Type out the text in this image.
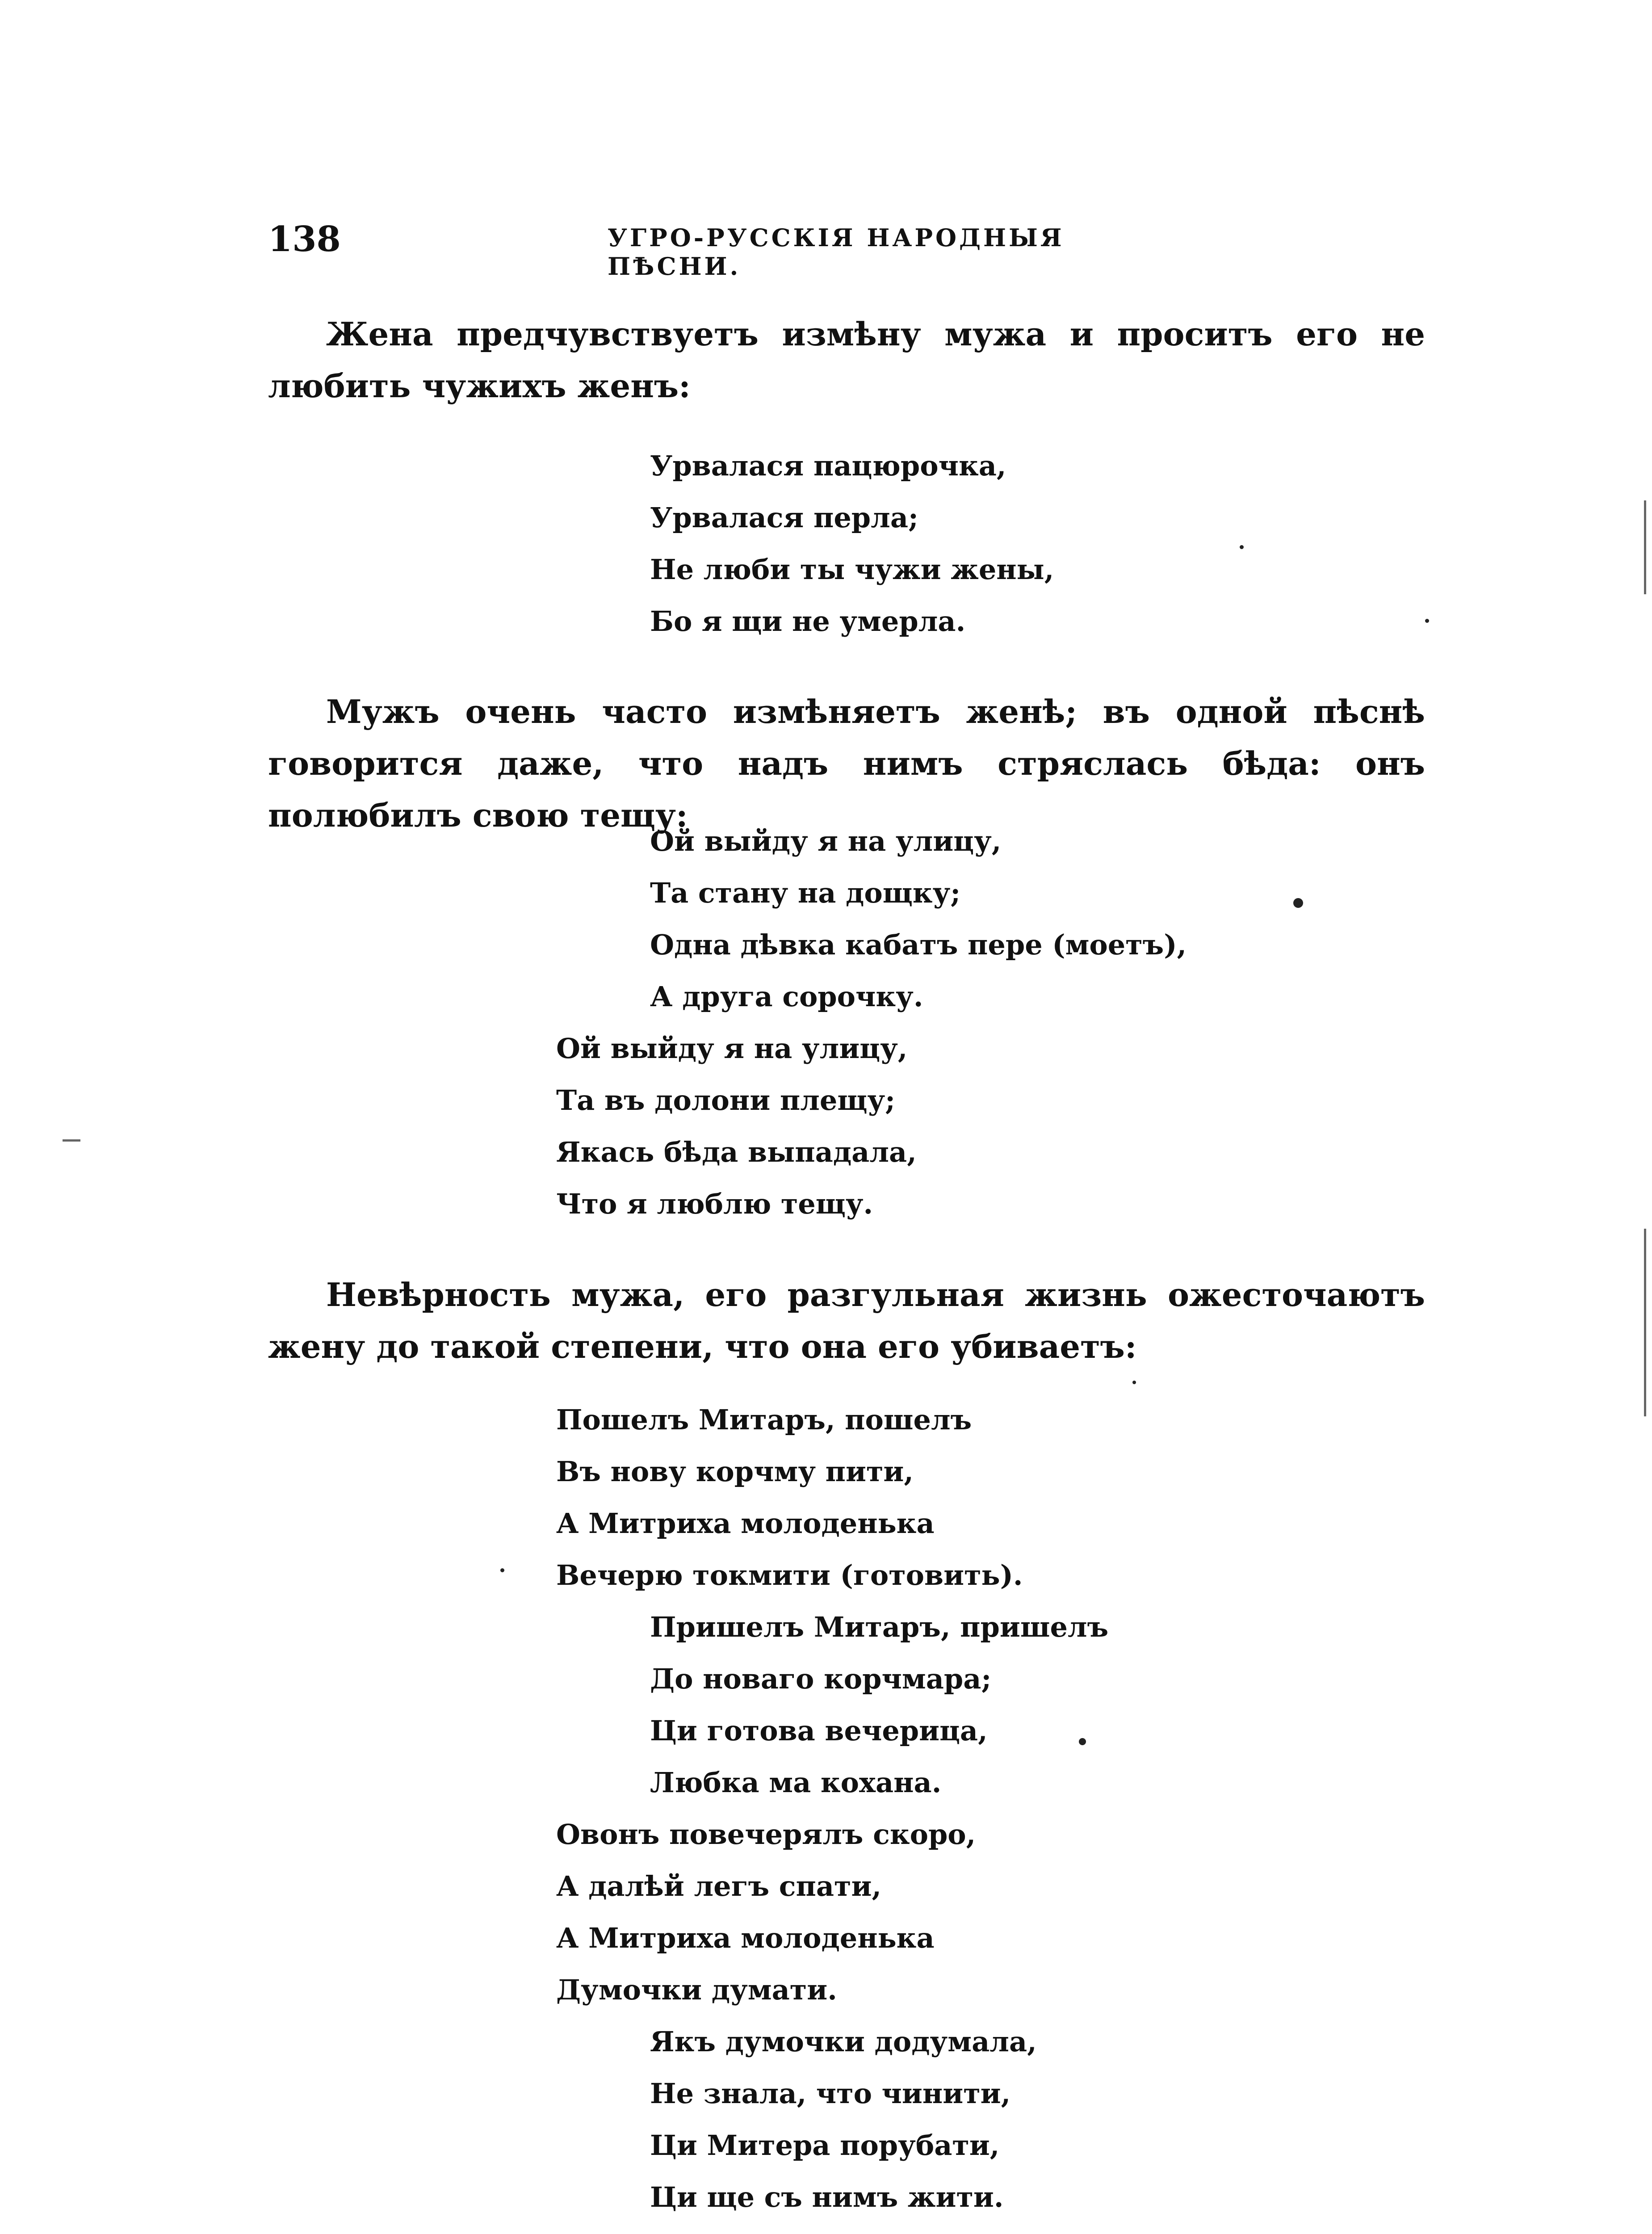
138	УГРО-РУССКІЯ НАРОДНЫЯ ПѢСНИ.

Жена предчувствуетъ измѣну мужа и проситъ его не любить чужихъ женъ:

Урвалася пацюрочка,
Урвалася перла;
Не люби ты чужи жены,
Бо я щи не умерла.

Мужъ очень часто измѣняетъ женѣ; въ одной пѣснѣ говорится даже, что надъ нимъ стряслась бѣда: онъ полюбилъ свою тещу:

Ой выйду я на улицу,
Та стану на дощку;
Одна дѣвка кабатъ пере (моетъ),
А друга сорочку.
Ой выйду я на улицу,
Та въ долони плещу;
Якась бѣда выпадала,
Что я люблю тещу.

Невѣрность мужа, его разгульная жизнь ожесточаютъ жену до такой степени, что она его убиваетъ:

Пошелъ Митаръ, пошелъ
Въ нову корчму пити,
А Митриха молоденька
Вечерю токмити (готовить).
Пришелъ Митаръ, пришелъ
До новаго корчмара;
Ци готова вечерица,
Любка ма кохана.
Овонъ повечерялъ скоро,
А далѣй легъ спати,
А Митриха молоденька
Думочки думати.
Якъ думочки додумала,
Не знала, что чинити,
Ци Митера порубати,
Ци ще съ нимъ жити.
